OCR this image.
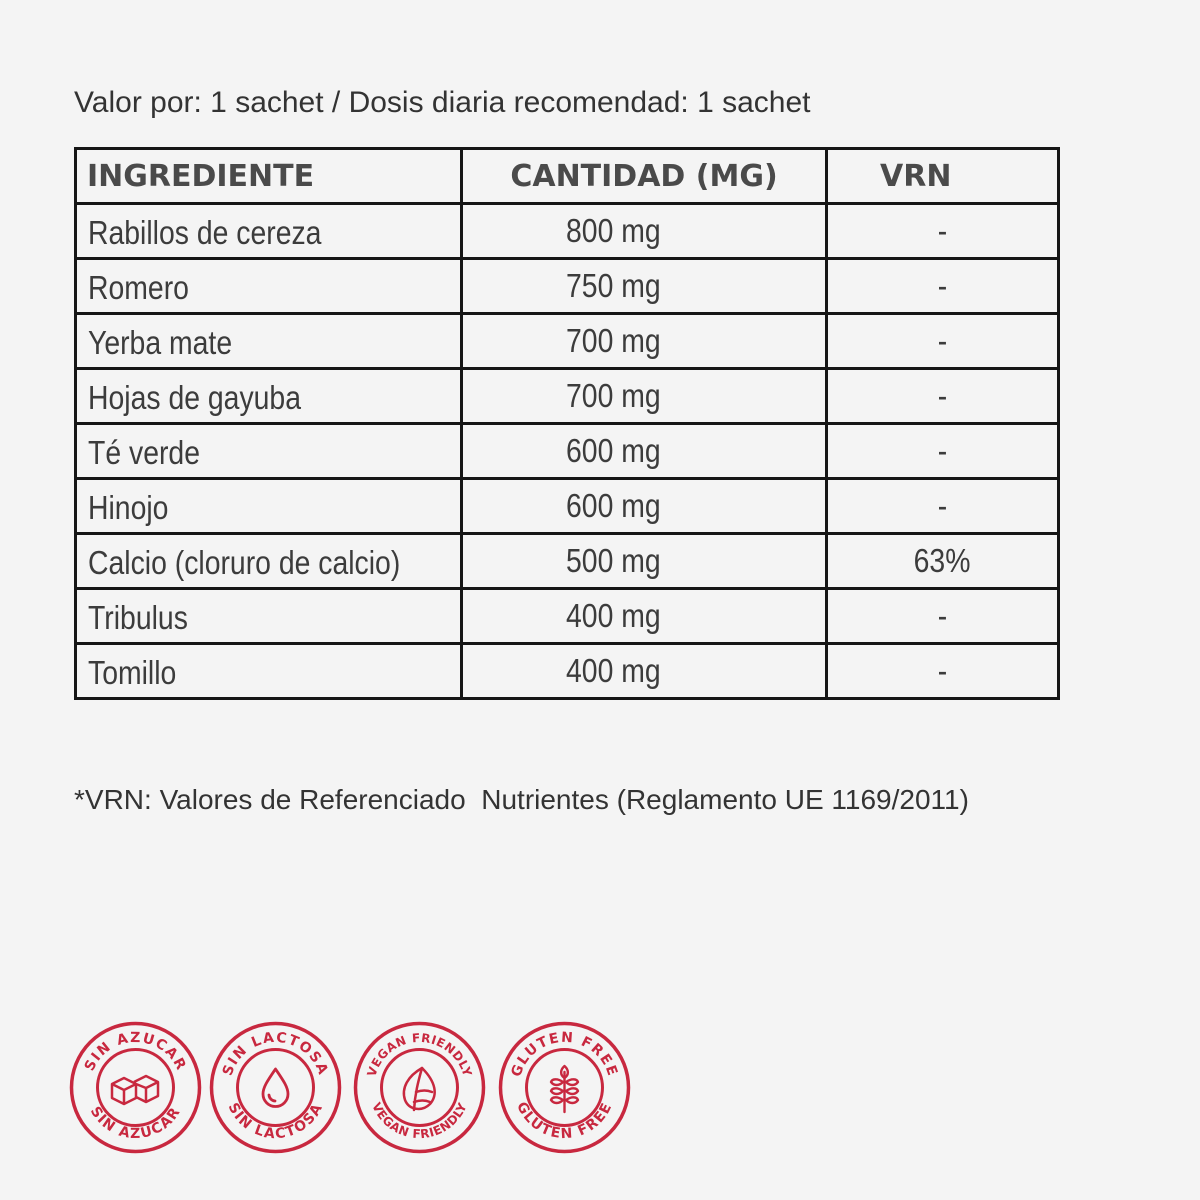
Valor por: 1 sachet / Dosis diaria recomendad: 1 sachet
INGREDIENTE	CANTIDAD (MG)	VRN
Rabillos de cereza	800 mg	-
Romero	750 mg	-
Yerba mate	700 mg	-
Hojas de gayuba	700 mg	-
Té verde	600 mg	-
Hinojo	600 mg	-
Calcio (cloruro de calcio)	500 mg	63%
Tribulus	400 mg	-
Tomillo	400 mg	-
*VRN: Valores de Referenciado  Nutrientes (Reglamento UE 1169/2011)
SIN AZUCAR
SIN AZUCAR
SIN LACTOSA
SIN LACTOSA
VEGAN FRIENDLY
VEGAN FRIENDLY
GLUTEN FREE
GLUTEN FREE
